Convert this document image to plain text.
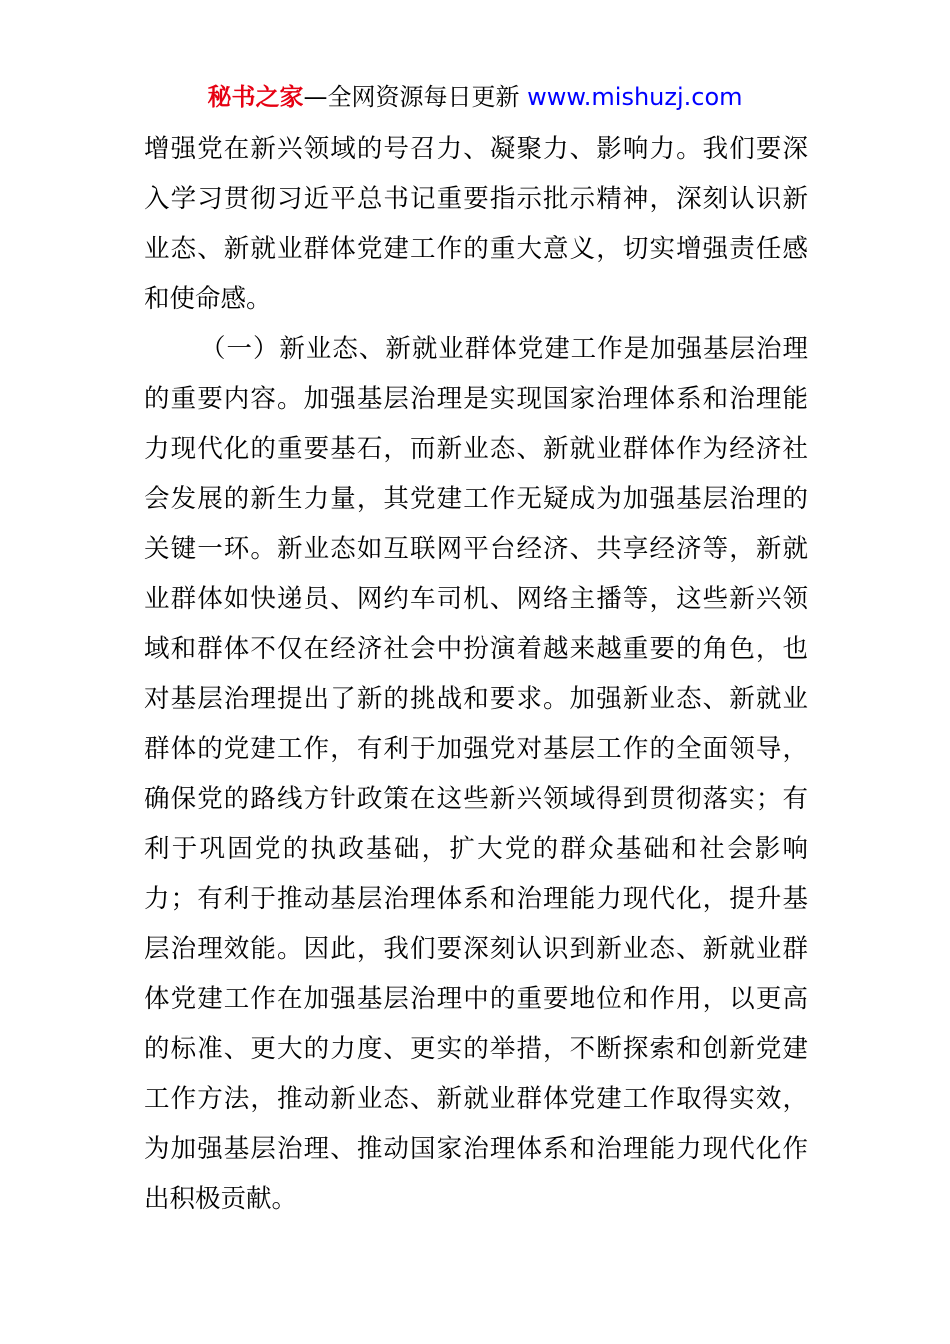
秘书之家—全网资源每日更新 www.mishuzj.com
增强党在新兴领域的号召力、凝聚力、影响力。我们要深
入学习贯彻习近平总书记重要指示批示精神，深刻认识新
业态、新就业群体党建工作的重大意义，切实增强责任感
和使命感。
（一）新业态、新就业群体党建工作是加强基层治理
的重要内容。加强基层治理是实现国家治理体系和治理能
力现代化的重要基石，而新业态、新就业群体作为经济社
会发展的新生力量，其党建工作无疑成为加强基层治理的
关键一环。新业态如互联网平台经济、共享经济等，新就
业群体如快递员、网约车司机、网络主播等，这些新兴领
域和群体不仅在经济社会中扮演着越来越重要的角色，也
对基层治理提出了新的挑战和要求。加强新业态、新就业
群体的党建工作，有利于加强党对基层工作的全面领导，
确保党的路线方针政策在这些新兴领域得到贯彻落实；有
利于巩固党的执政基础，扩大党的群众基础和社会影响
力；有利于推动基层治理体系和治理能力现代化，提升基
层治理效能。因此，我们要深刻认识到新业态、新就业群
体党建工作在加强基层治理中的重要地位和作用，以更高
的标准、更大的力度、更实的举措，不断探索和创新党建
工作方法，推动新业态、新就业群体党建工作取得实效，
为加强基层治理、推动国家治理体系和治理能力现代化作
出积极贡献。
